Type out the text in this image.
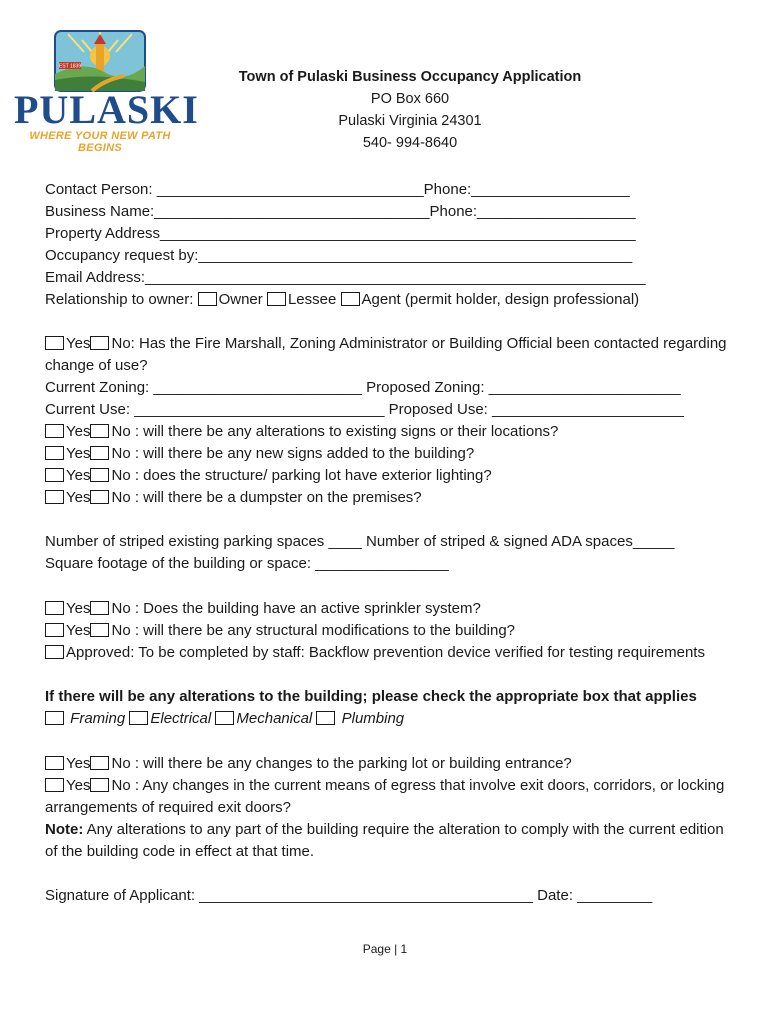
EST 1839
PULASKI
WHERE YOUR NEW PATH BEGINS
Town of Pulaski Business Occupancy Application
PO Box 660
Pulaski Virginia 24301
540- 994-8640
Contact Person: ________________________________Phone:___________________
Business Name:_________________________________Phone:___________________
Property Address_________________________________________________________
Occupancy request by:____________________________________________________
Email Address:____________________________________________________________
Relationship to owner: Owner Lessee Agent (permit holder, design professional)
Yes No: Has the Fire Marshall, Zoning Administrator or Building Official been contacted regarding change of use?
Current Zoning: _________________________ Proposed Zoning: _______________________
Current Use: ______________________________ Proposed Use: _______________________
Yes No : will there be any alterations to existing signs or their locations?
Yes No : will there be any new signs added to the building?
Yes No : does the structure/ parking lot have exterior lighting?
Yes No : will there be a dumpster on the premises?
Number of striped existing parking spaces ____ Number of striped & signed ADA spaces_____
Square footage of the building or space: ________________
Yes No : Does the building have an active sprinkler system?
Yes No : will there be any structural modifications to the building?
Approved: To be completed by staff: Backflow prevention device verified for testing requirements
If there will be any alterations to the building; please check the appropriate box that applies
Framing Electrical Mechanical Plumbing
Yes No : will there be any changes to the parking lot or building entrance?
Yes No : Any changes in the current means of egress that involve exit doors, corridors, or locking arrangements of required exit doors?
Note: Any alterations to any part of the building require the alteration to comply with the current edition of the building code in effect at that time.
Signature of Applicant: ________________________________________ Date: _________
Page | 1
